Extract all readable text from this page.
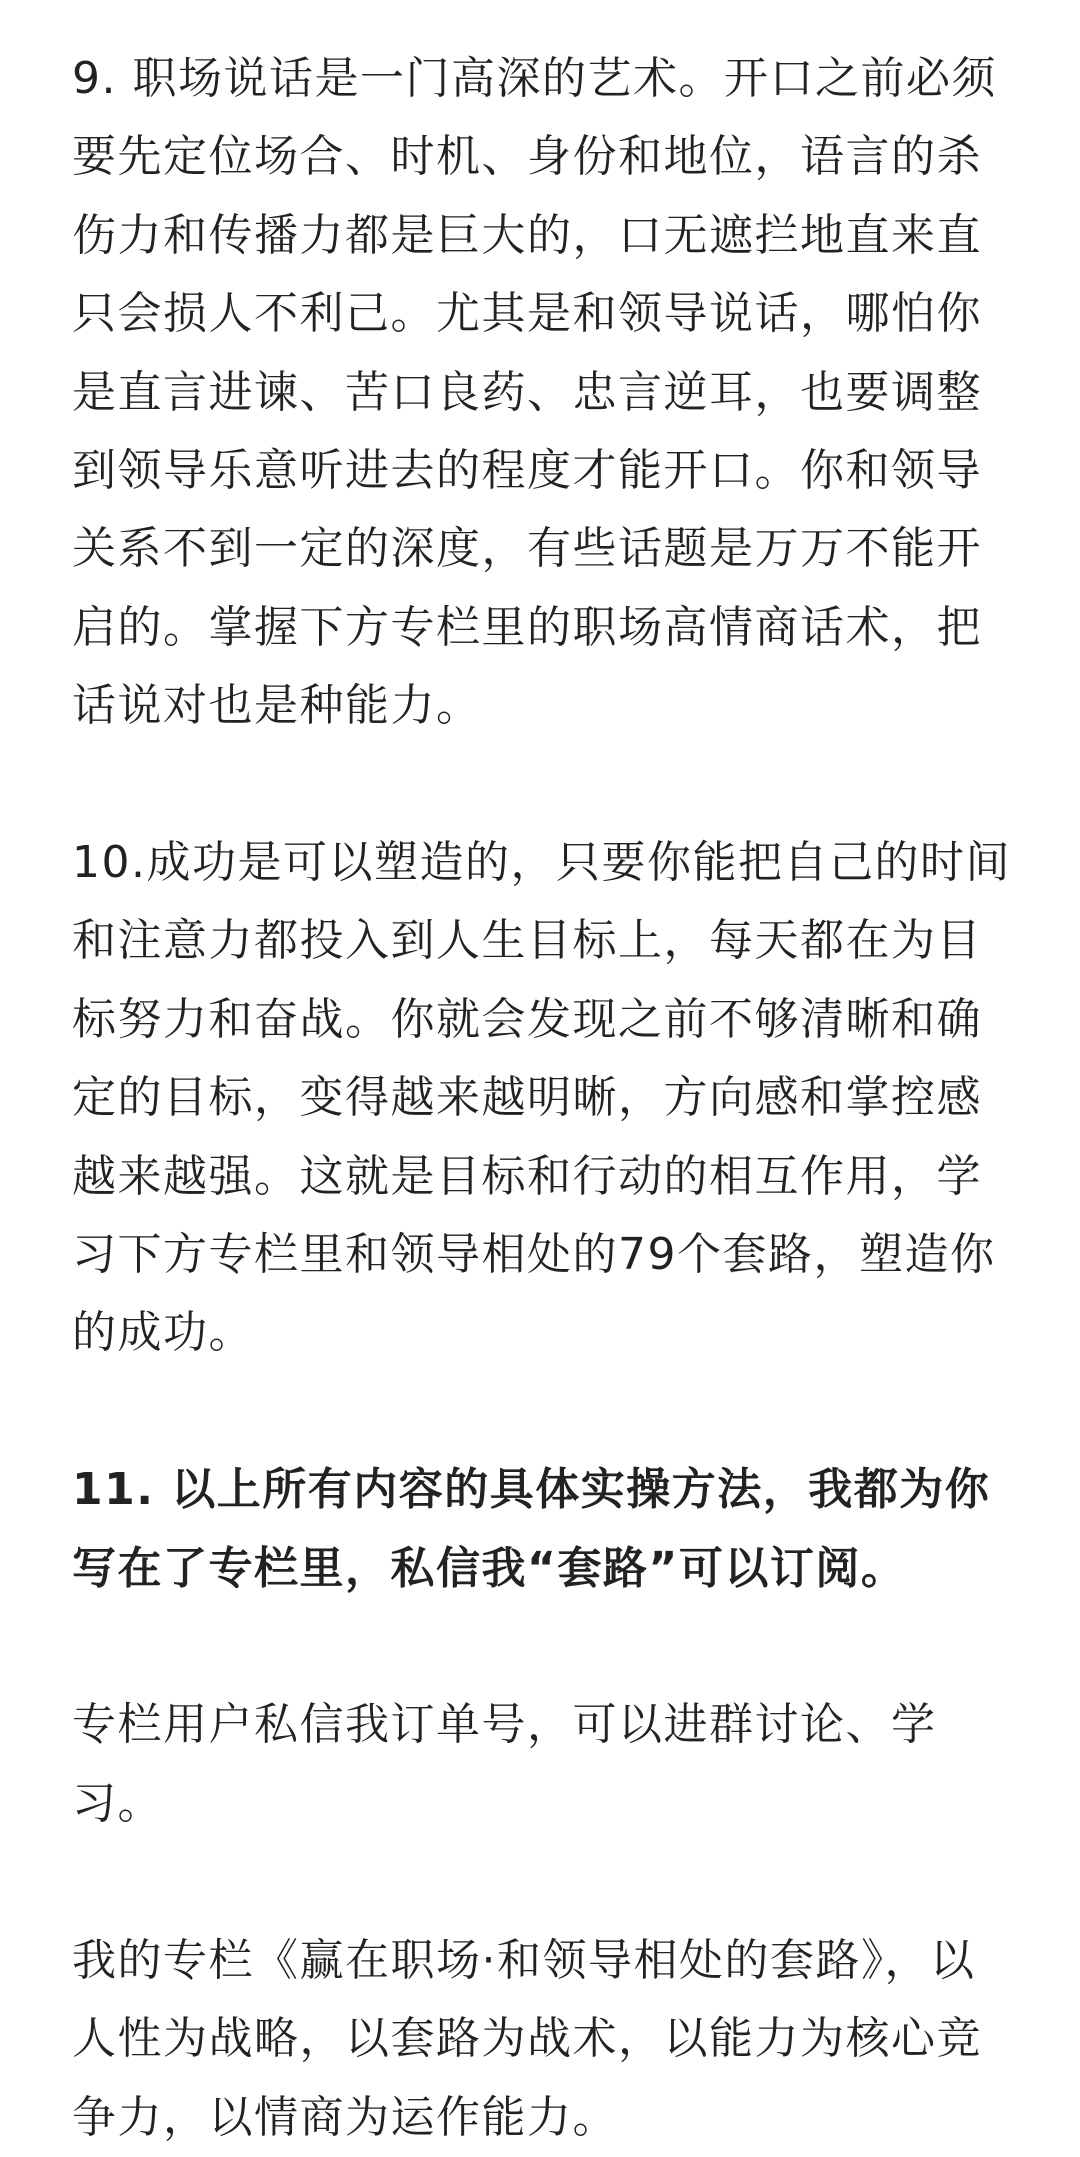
9. 职场说话是一门高深的艺术。开口之前必须要先定位场合、时机、身份和地位，语言的杀伤力和传播力都是巨大的，口无遮拦地直来直只会损人不利己。尤其是和领导说话，哪怕你是直言进谏、苦口良药、忠言逆耳，也要调整到领导乐意听进去的程度才能开口。你和领导关系不到一定的深度，有些话题是万万不能开启的。掌握下方专栏里的职场高情商话术，把话说对也是种能力。

10.成功是可以塑造的，只要你能把自己的时间和注意力都投入到人生目标上，每天都在为目标努力和奋战。你就会发现之前不够清晰和确定的目标，变得越来越明晰，方向感和掌控感越来越强。这就是目标和行动的相互作用，学习下方专栏里和领导相处的79个套路，塑造你的成功。

11. 以上所有内容的具体实操方法，我都为你写在了专栏里，私信我“套路”可以订阅。

专栏用户私信我订单号，可以进群讨论、学习。

我的专栏《赢在职场·和领导相处的套路》，以人性为战略，以套路为战术，以能力为核心竞争力，以情商为运作能力。
